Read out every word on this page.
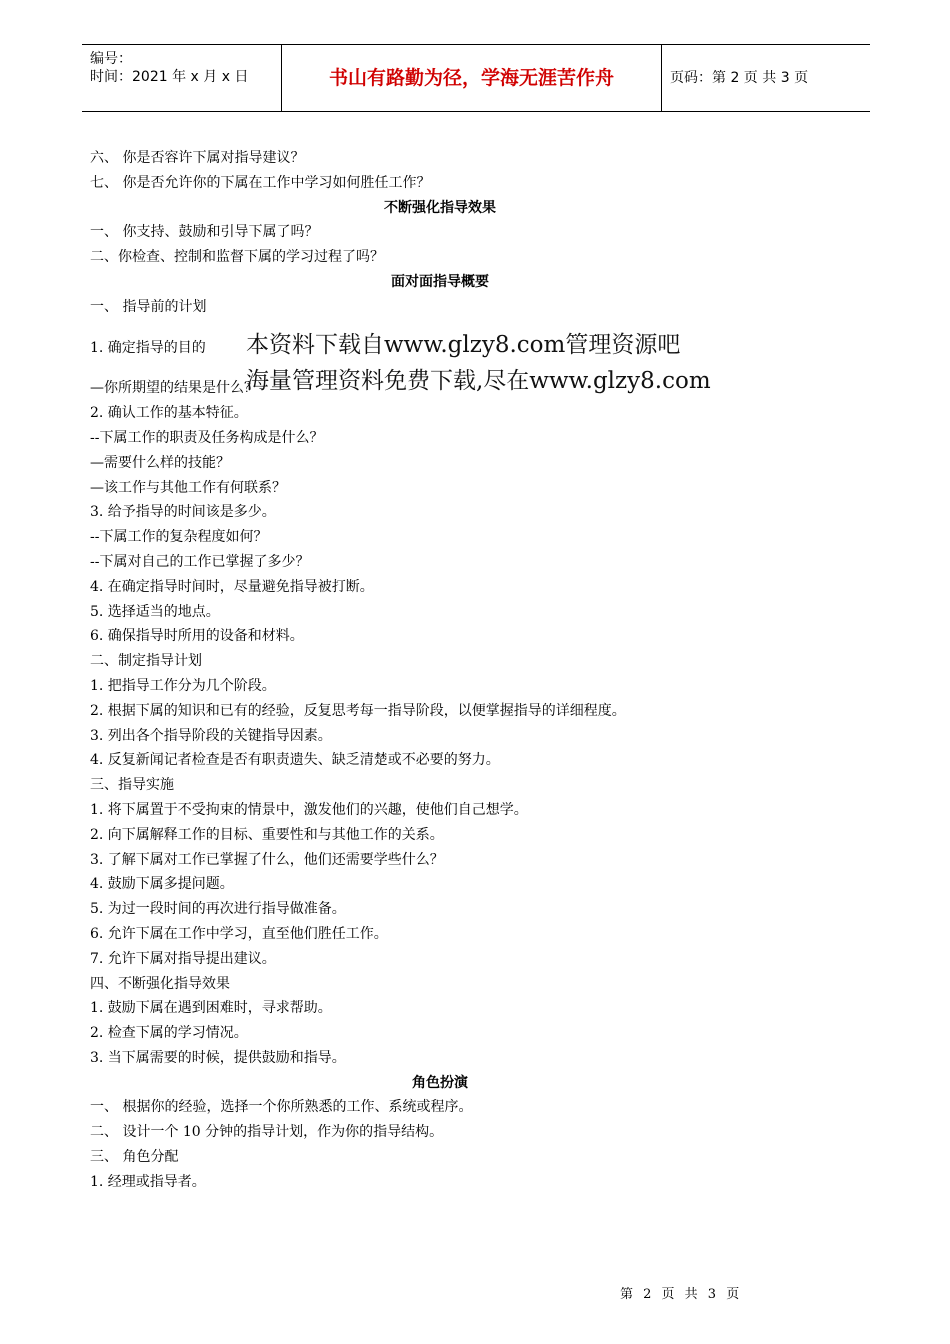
编号：
时间：2021 年 x 月 x 日	书山有路勤为径，学海无涯苦作舟	页码：第 2 页 共 3 页
六、 你是否容许下属对指导建议？
七、 你是否允许你的下属在工作中学习如何胜任工作？
不断强化指导效果
一、 你支持、鼓励和引导下属了吗？
二、你检查、控制和监督下属的学习过程了吗？
面对面指导概要
一、 指导前的计划
1. 确定指导的目的
—你所期望的结果是什么？
2. 确认工作的基本特征。
--下属工作的职责及任务构成是什么？
—需要什么样的技能？
—该工作与其他工作有何联系？
3. 给予指导的时间该是多少。
--下属工作的复杂程度如何？
--下属对自己的工作已掌握了多少？
4. 在确定指导时间时，尽量避免指导被打断。
5. 选择适当的地点。
6. 确保指导时所用的设备和材料。
二、制定指导计划
1. 把指导工作分为几个阶段。
2. 根据下属的知识和已有的经验，反复思考每一指导阶段，以便掌握指导的详细程度。
3. 列出各个指导阶段的关键指导因素。
4. 反复新闻记者检查是否有职责遗失、缺乏清楚或不必要的努力。
三、指导实施
1. 将下属置于不受拘束的情景中，激发他们的兴趣，使他们自己想学。
2. 向下属解释工作的目标、重要性和与其他工作的关系。
3. 了解下属对工作已掌握了什么，他们还需要学些什么？
4. 鼓励下属多提问题。
5. 为过一段时间的再次进行指导做准备。
6. 允许下属在工作中学习，直至他们胜任工作。
7. 允许下属对指导提出建议。
四、不断强化指导效果
1. 鼓励下属在遇到困难时，寻求帮助。
2. 检查下属的学习情况。
3. 当下属需要的时候，提供鼓励和指导。
角色扮演
一、 根据你的经验，选择一个你所熟悉的工作、系统或程序。
二、 设计一个 10 分钟的指导计划，作为你的指导结构。
三、 角色分配
1. 经理或指导者。
本资料下载自www.glzy8.com管理资源吧
海量管理资料免费下载,尽在www.glzy8.com
第 2 页 共 3 页
